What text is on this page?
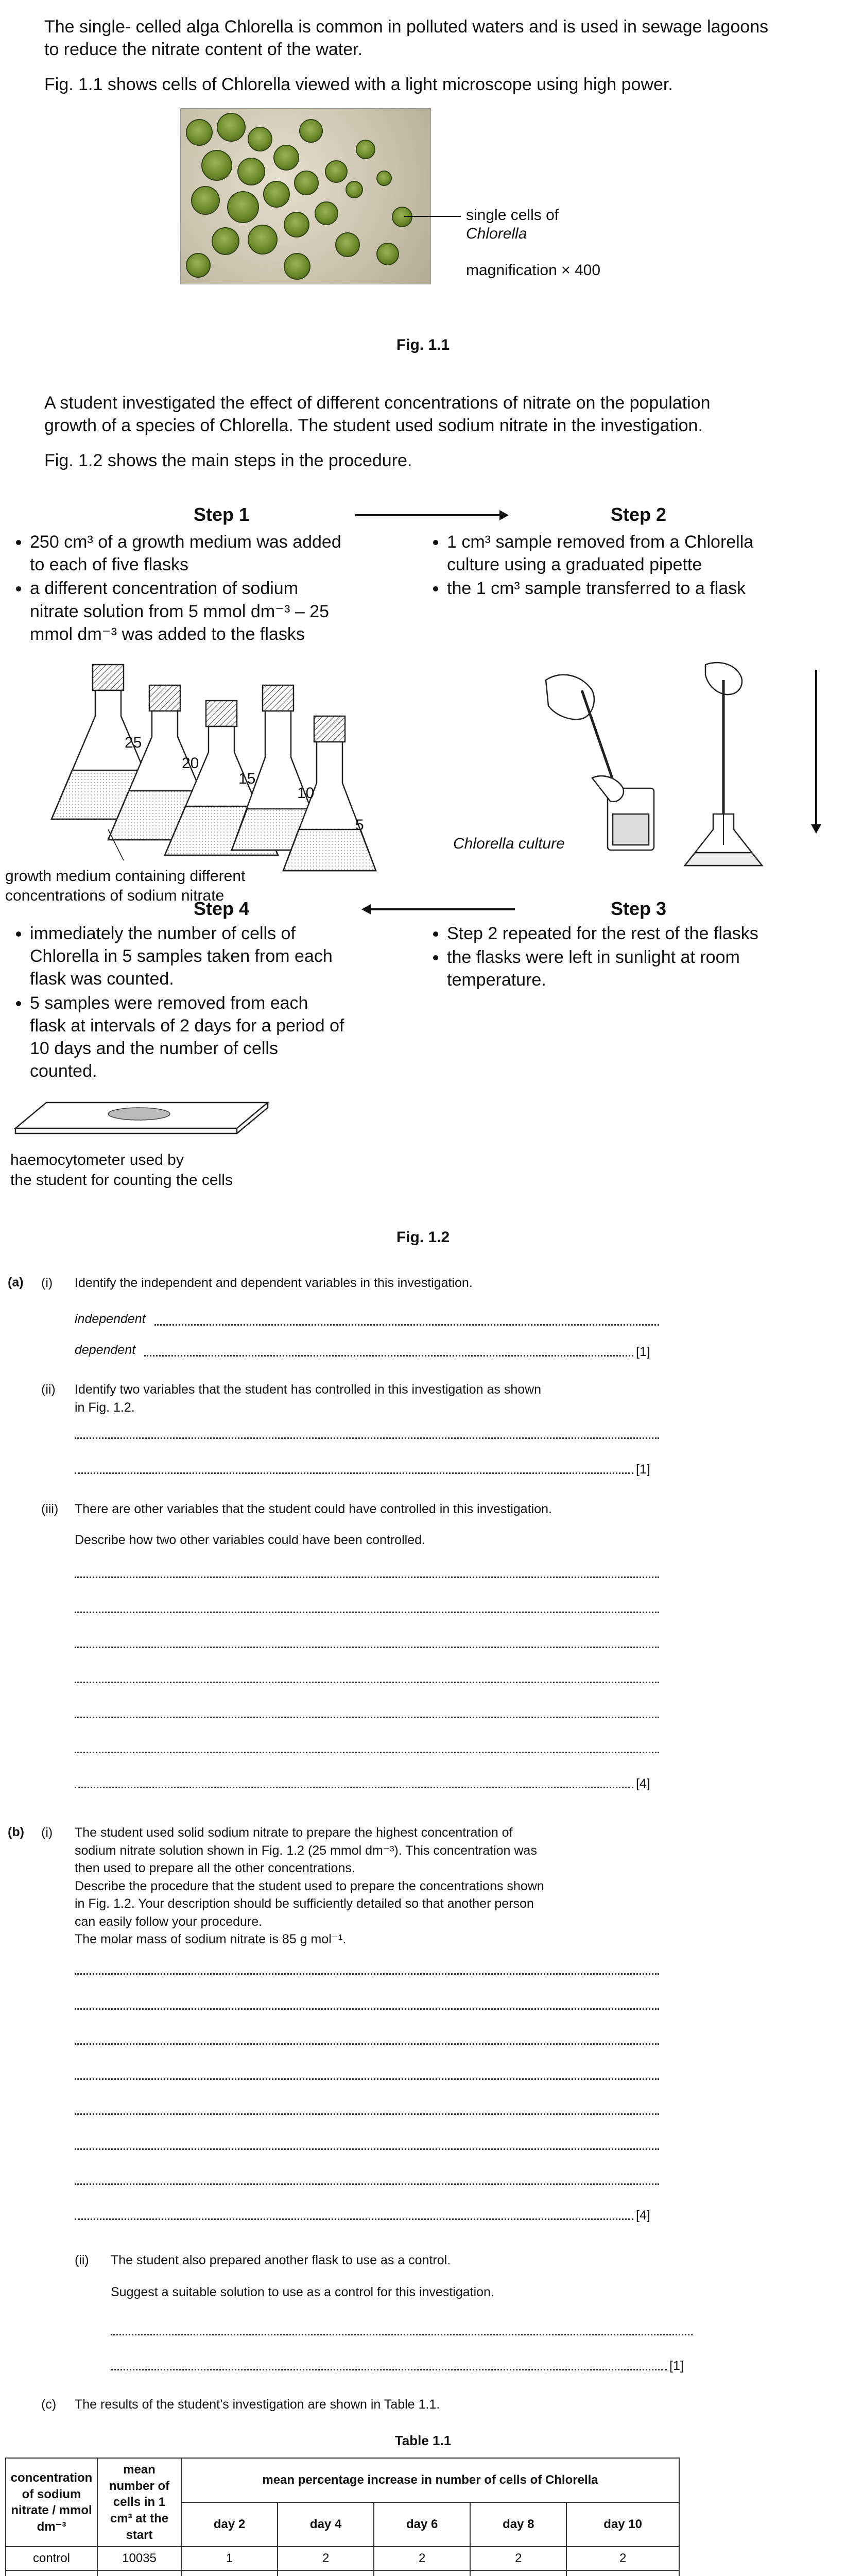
The single- celled alga Chlorella is common in polluted waters and is used in sewage lagoons
to reduce the nitrate content of the water.
Fig. 1.1 shows cells of Chlorella viewed with a light microscope using high power.
single cells of
Chlorella
magnification × 400
Fig. 1.1
A student investigated the effect of different concentrations of nitrate on the population
growth of a species of Chlorella. The student used sodium nitrate in the investigation.
Fig. 1.2 shows the main steps in the procedure.
Step 1	Step 2
• 250 cm³ of a growth medium was added to each of five flasks
• a different concentration of sodium nitrate solution from 5 mmol dm⁻³ – 25 mmol dm⁻³ was added to the flasks
• 1 cm³ sample removed from a Chlorella culture using a graduated pipette
• the 1 cm³ sample transferred to a flask
25
20
15
10
5
growth medium containing different
concentrations of sodium nitrate
Chlorella culture
Step 3
Step 4
• Step 2 repeated for the rest of the flasks
• the flasks were left in sunlight at room temperature.
• immediately the number of cells of Chlorella in 5 samples taken from each flask was counted.
• 5 samples were removed from each flask at intervals of 2 days for a period of 10 days and the number of cells counted.
haemocytometer used by
the student for counting the cells
Fig. 1.2
(a) (i) Identify the independent and dependent variables in this investigation.
independent
dependent	[1]
(ii) Identify two variables that the student has controlled in this investigation as shown
in Fig. 1.2.
[1]
(iii) There are other variables that the student could have controlled in this investigation.
Describe how two other variables could have been controlled.
[4]
(b) (i) The student used solid sodium nitrate to prepare the highest concentration of
sodium nitrate solution shown in Fig. 1.2 (25 mmol dm⁻³). This concentration was
then used to prepare all the other concentrations.
Describe the procedure that the student used to prepare the concentrations shown
in Fig. 1.2. Your description should be sufficiently detailed so that another person
can easily follow your procedure.
The molar mass of sodium nitrate is 85 g mol⁻¹.
[4]
(ii) The student also prepared another flask to use as a control.
Suggest a suitable solution to use as a control for this investigation.
[1]
(c) The results of the student’s investigation are shown in Table 1.1.
Table 1.1
concentration of sodium nitrate / mmol dm⁻³	mean number of cells in 1 cm³ at the start	mean percentage increase in number of cells of Chlorella				
		day 2	day 4	day 6	day 8	day 10
control	10035	1	2	2	2	2
